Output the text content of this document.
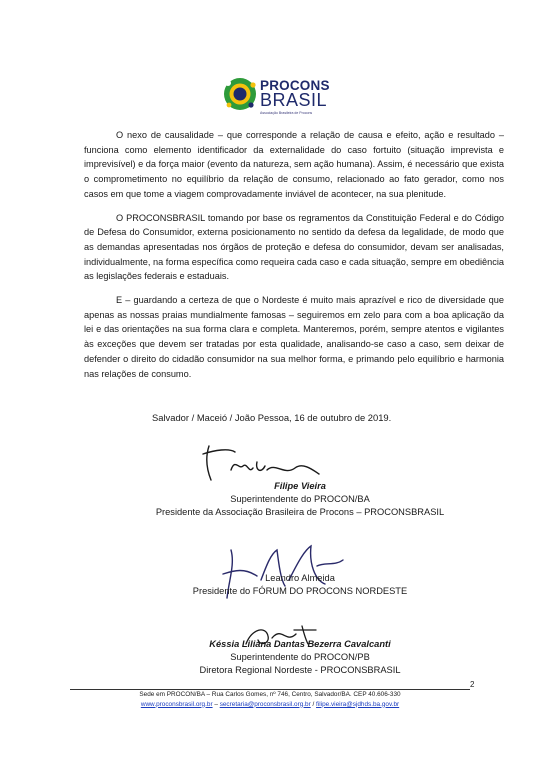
PROCONS
BRASIL
Associação Brasileira de Procons

O nexo de causalidade – que corresponde a relação de causa e efeito, ação e resultado – funciona como elemento identificador da externalidade do caso fortuito (situação imprevista e imprevisível) e da força maior (evento da natureza, sem ação humana). Assim, é necessário que exista o comprometimento no equilíbrio da relação de consumo, relacionado ao fato gerador, como nos casos em que tome a viagem comprovadamente inviável de acontecer, na sua plenitude.

O PROCONSBRASIL tomando por base os regramentos da Constituição Federal e do Código de Defesa do Consumidor, externa posicionamento no sentido da defesa da legalidade, de modo que as demandas apresentadas nos órgãos de proteção e defesa do consumidor, devam ser analisadas, individualmente, na forma específica como requeira cada caso e cada situação, sempre em obediência as legislações federais e estaduais.

E – guardando a certeza de que o Nordeste é muito mais aprazível e rico de diversidade que apenas as nossas praias mundialmente famosas – seguiremos em zelo para com a boa aplicação da lei e das orientações na sua forma clara e completa. Manteremos, porém, sempre atentos e vigilantes às exceções que devem ser tratadas por esta qualidade, analisando-se caso a caso, sem deixar de defender o direito do cidadão consumidor na sua melhor forma, e primando pelo equilíbrio e harmonia nas relações de consumo.

Salvador / Maceió / João Pessoa, 16 de outubro de 2019.
Filipe Vieira
Superintendente do PROCON/BA
Presidente da Associação Brasileira de Procons – PROCONSBRASIL
Leandro Almeida
Presidente do FÓRUM DO PROCONS NORDESTE
Késsia Liliana Dantas Bezerra Cavalcanti
Superintendente do PROCON/PB
Diretora Regional Nordeste - PROCONSBRASIL
2
Sede em PROCON/BA – Rua Carlos Gomes, nº 746, Centro, Salvador/BA. CEP 40.606-330
www.proconsbrasil.org.br – secretaria@proconsbrasil.org.br / filipe.vieira@sjdhds.ba.gov.br
